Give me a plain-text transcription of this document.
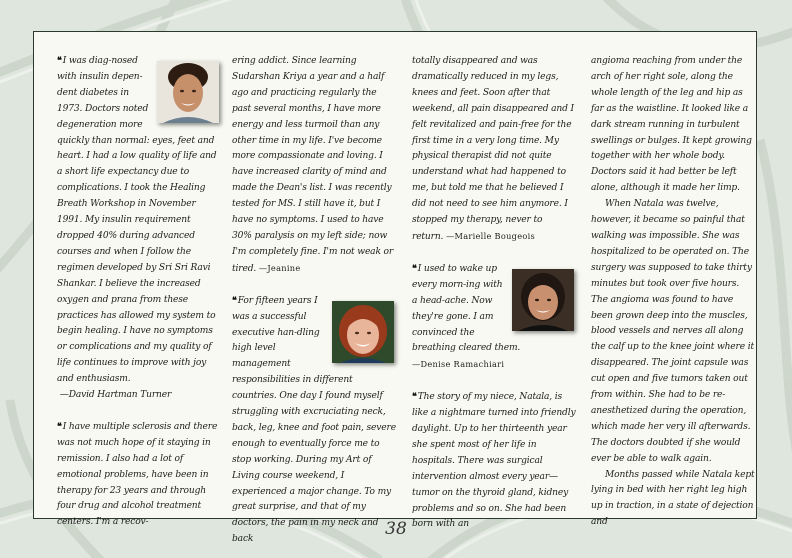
❝I was diag-nosed with insulin depen-dent diabetes in 1973. Doctors noted degeneration more quickly than normal: eyes, feet and heart. I had a low quality of life and a short life expectancy due to complications. I took the Healing Breath Workshop in November 1991. My insulin requirement dropped 40% during advanced courses and when I follow the regimen developed by Sri Sri Ravi Shankar. I believe the increased oxygen and prana from these practices has allowed my system to begin healing. I have no symptoms or complications and my quality of life continues to improve with joy and enthusiasm.

—David Hartman Turner

❝I have multiple sclerosis and there was not much hope of it staying in remission. I also had a lot of emotional problems, have been in therapy for 23 years and through four drug and alcohol treatment centers. I'm a recov-

ering addict. Since learning Sudarshan Kriya a year and a half ago and practicing regularly the past several months, I have more energy and less turmoil than any other time in my life. I've become more compassionate and loving. I have increased clarity of mind and made the Dean's list. I was recently tested for MS. I still have it, but I have no symptoms. I used to have 30% paralysis on my left side; now I'm completely fine. I'm not weak or tired. —Jeanine

❝For fifteen years I was a successful executive han-dling high level management responsibilities in different countries. One day I found myself struggling with excruciating neck, back, leg, knee and foot pain, severe enough to eventually force me to stop working. During my Art of Living course weekend, I experienced a major change. To my great surprise, and that of my doctors, the pain in my neck and back

totally disappeared and was dramatically reduced in my legs, knees and feet. Soon after that weekend, all pain disappeared and I felt revitalized and pain-free for the first time in a very long time. My physical therapist did not quite understand what had happened to me, but told me that he believed I did not need to see him anymore. I stopped my therapy, never to return. —Marielle Bougeois

❝I used to wake up every morn-ing with a head-ache. Now they're gone. I am convinced the breathing cleared them.

—Denise Ramachiari

❝The story of my niece, Natala, is like a nightmare turned into friendly daylight. Up to her thirteenth year she spent most of her life in hospitals. There was surgical intervention almost every year—tumor on the thyroid gland, kidney problems and so on. She had been born with an

angioma reaching from under the arch of her right sole, along the whole length of the leg and hip as far as the waistline. It looked like a dark stream running in turbulent swellings or bulges. It kept growing together with her whole body. Doctors said it had better be left alone, although it made her limp.

When Natala was twelve, however, it became so painful that walking was impossible. She was hospitalized to be operated on. The surgery was supposed to take thirty minutes but took over five hours. The angioma was found to have been grown deep into the muscles, blood vessels and nerves all along the calf up to the knee joint where it disappeared. The joint capsule was cut open and five tumors taken out from within. She had to be re-anesthetized during the operation, which made her very ill afterwards. The doctors doubted if she would ever be able to walk again.

Months passed while Natala kept lying in bed with her right leg high up in traction, in a state of dejection and

38
